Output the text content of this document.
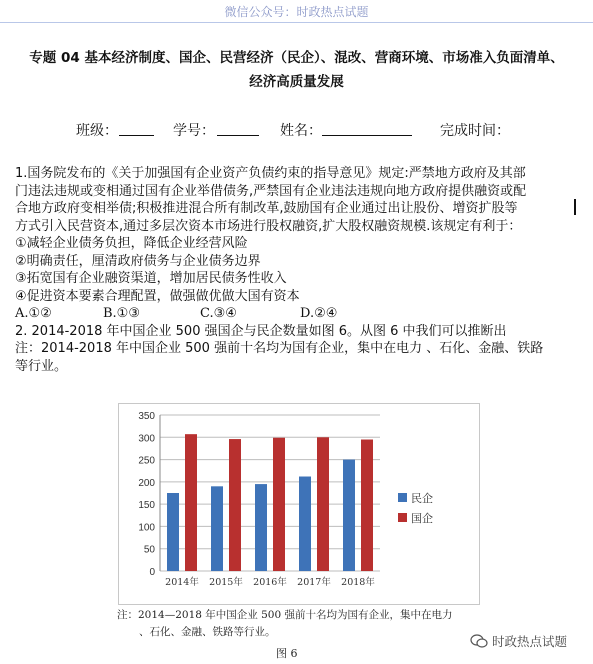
微信公众号：时政热点试题
专题 04 基本经济制度、国企、民营经济（民企）、混改、营商环境、市场准入负面清单、
经济高质量发展
班级：	学号：	姓名：	完成时间：
1.国务院发布的《关于加强国有企业资产负债约束的指导意见》规定:严禁地方政府及其部
门违法违规或变相通过国有企业举借债务,严禁国有企业违法违规向地方政府提供融资或配
合地方政府变相举债;积极推进混合所有制改革,鼓励国有企业通过出让股份、增资扩股等
方式引入民营资本,通过多层次资本市场进行股权融资,扩大股权融资规模.该规定有利于：
①减轻企业债务负担，降低企业经营风险
②明确责任，厘清政府债务与企业债务边界
③拓宽国有企业融资渠道，增加居民债务性收入
④促进资本要素合理配置，做强做优做大国有资本
A.①②	B.①③	C.③④	D.②④
2. 2014-2018 年中国企业 500 强国企与民企数量如图 6。从图 6 中我们可以推断出
注：2014-2018 年中国企业 500 强前十名均为国有企业，集中在电力 、石化、金融、铁路
等行业。
0
50
100
150
200
250
300
350
2014年 2015年 2016年 2017年 2018年
民企
国企
注：2014—2018 年中国企业 500 强前十名均为国有企业，集中在电力
、石化、金融、铁路等行业。
图 6
时政热点试题
